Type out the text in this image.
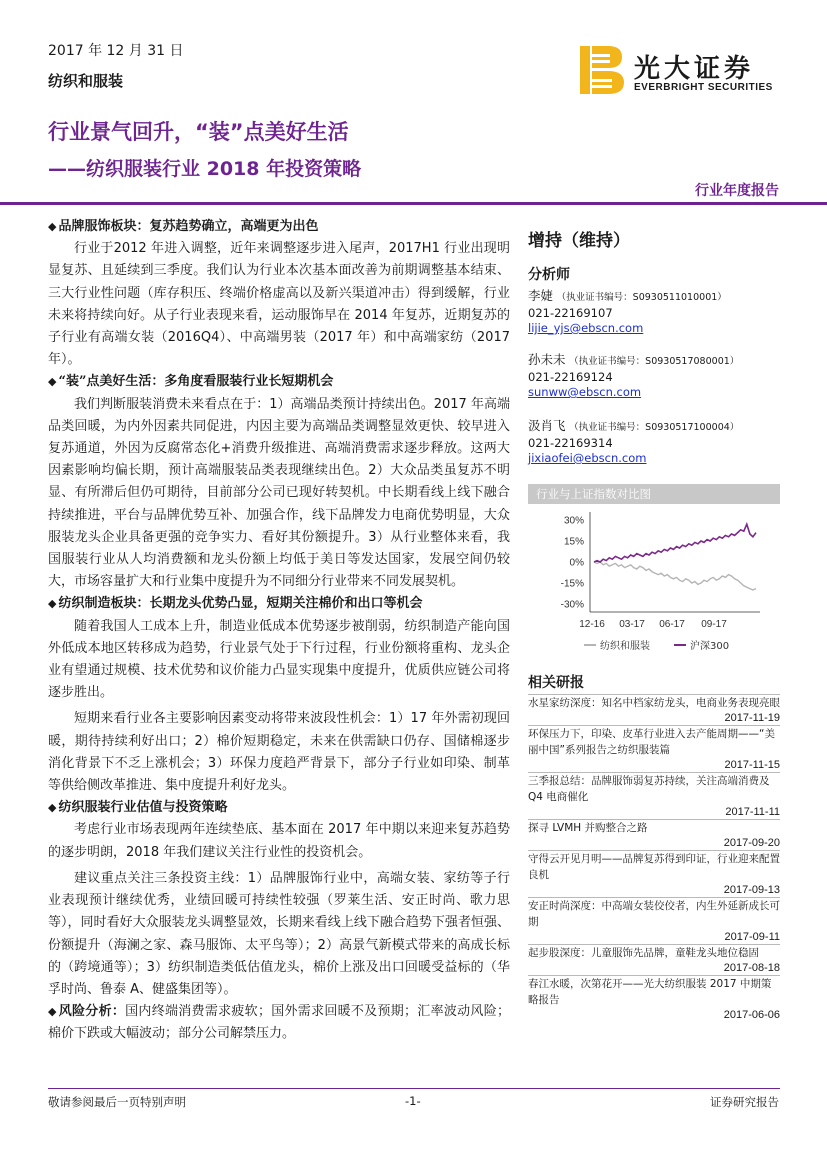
2017 年 12 月 31 日
纺织和服装	光大证券
EVERBRIGHT SECURITIES
行业景气回升，“装”点美好生活
——纺织服装行业 2018 年投资策略
行业年度报告
◆ 品牌服饰板块：复苏趋势确立，高端更为出色

行业于2012 年进入调整，近年来调整逐步进入尾声，2017H1 行业出现明显复苏、且延续到三季度。我们认为行业本次基本面改善为前期调整基本结束、三大行业性问题（库存积压、终端价格虚高以及新兴渠道冲击）得到缓解，行业未来将持续向好。从子行业表现来看，运动服饰早在 2014 年复苏，近期复苏的子行业有高端女装（2016Q4）、中高端男装（2017 年）和中高端家纺（2017 年）。

◆ “装”点美好生活：多角度看服装行业长短期机会

我们判断服装消费未来看点在于：1）高端品类预计持续出色。2017 年高端品类回暖，为内外因素共同促进，内因主要为高端品类调整显效更快、较早进入复苏通道，外因为反腐常态化+消费升级推进、高端消费需求逐步释放。这两大因素影响均偏长期，预计高端服装品类表现继续出色。2）大众品类虽复苏不明显、有所滞后但仍可期待，目前部分公司已现好转契机。中长期看线上线下融合持续推进，平台与品牌优势互补、加强合作，线下品牌发力电商优势明显，大众服装龙头企业具备更强的竞争实力、看好其份额提升。3）从行业整体来看，我国服装行业从人均消费额和龙头份额上均低于美日等发达国家，发展空间仍较大，市场容量扩大和行业集中度提升为不同细分行业带来不同发展契机。

◆ 纺织制造板块：长期龙头优势凸显，短期关注棉价和出口等机会

随着我国人工成本上升，制造业低成本优势逐步被削弱，纺织制造产能向国外低成本地区转移成为趋势，行业景气处于下行过程，行业份额将重构、龙头企业有望通过规模、技术优势和议价能力凸显实现集中度提升，优质供应链公司将逐步胜出。

短期来看行业各主要影响因素变动将带来波段性机会：1）17 年外需初现回暖，期待持续利好出口；2）棉价短期稳定，未来在供需缺口仍存、国储棉逐步消化背景下不乏上涨机会；3）环保力度趋严背景下，部分子行业如印染、制革等供给侧改革推进、集中度提升利好龙头。

◆ 纺织服装行业估值与投资策略

考虑行业市场表现两年连续垫底、基本面在 2017 年中期以来迎来复苏趋势的逐步明朗，2018 年我们建议关注行业性的投资机会。

建议重点关注三条投资主线：1）品牌服饰行业中，高端女装、家纺等子行业表现预计继续优秀，业绩回暖可持续性较强（罗莱生活、安正时尚、歌力思等），同时看好大众服装龙头调整显效，长期来看线上线下融合趋势下强者恒强、份额提升（海澜之家、森马服饰、太平鸟等）；2）高景气新模式带来的高成长标的（跨境通等）；3）纺织制造类低估值龙头，棉价上涨及出口回暖受益标的（华孚时尚、鲁泰 A、健盛集团等）。

◆ 风险分析：国内终端消费需求疲软；国外需求回暖不及预期；汇率波动风险；棉价下跌或大幅波动；部分公司解禁压力。

增持（维持）
分析师
李婕 （执业证书编号：S0930511010001）
021-22169107
lijie_yjs@ebscn.com
孙未未 （执业证书编号：S0930517080001）
021-22169124
sunww@ebscn.com
汲肖飞 （执业证书编号：S0930517100004）
021-22169314
jixiaofei@ebscn.com
行业与上证指数对比图
30%
15%
0%
-15%
-30%
12-16 03-17 06-17 09-17
纺织和服装	沪深300
相关研报
水星家纺深度：知名中档家纺龙头，电商业务表现亮眼
2017-11-19
环保压力下，印染、皮革行业进入去产能周期——“美丽中国”系列报告之纺织服装篇
2017-11-15
三季报总结：品牌服饰弱复苏持续，关注高端消费及 Q4 电商催化
2017-11-11
探寻 LVMH 并购整合之路
2017-09-20
守得云开见月明——品牌复苏得到印证，行业迎来配置良机
2017-09-13
安正时尚深度：中高端女装佼佼者，内生外延新成长可期
2017-09-11
起步股深度：儿童服饰先品牌，童鞋龙头地位稳固
2017-08-18
春江水暖，次第花开——光大纺织服装 2017 中期策略报告
2017-06-06
敬请参阅最后一页特别声明	-1-	证券研究报告
